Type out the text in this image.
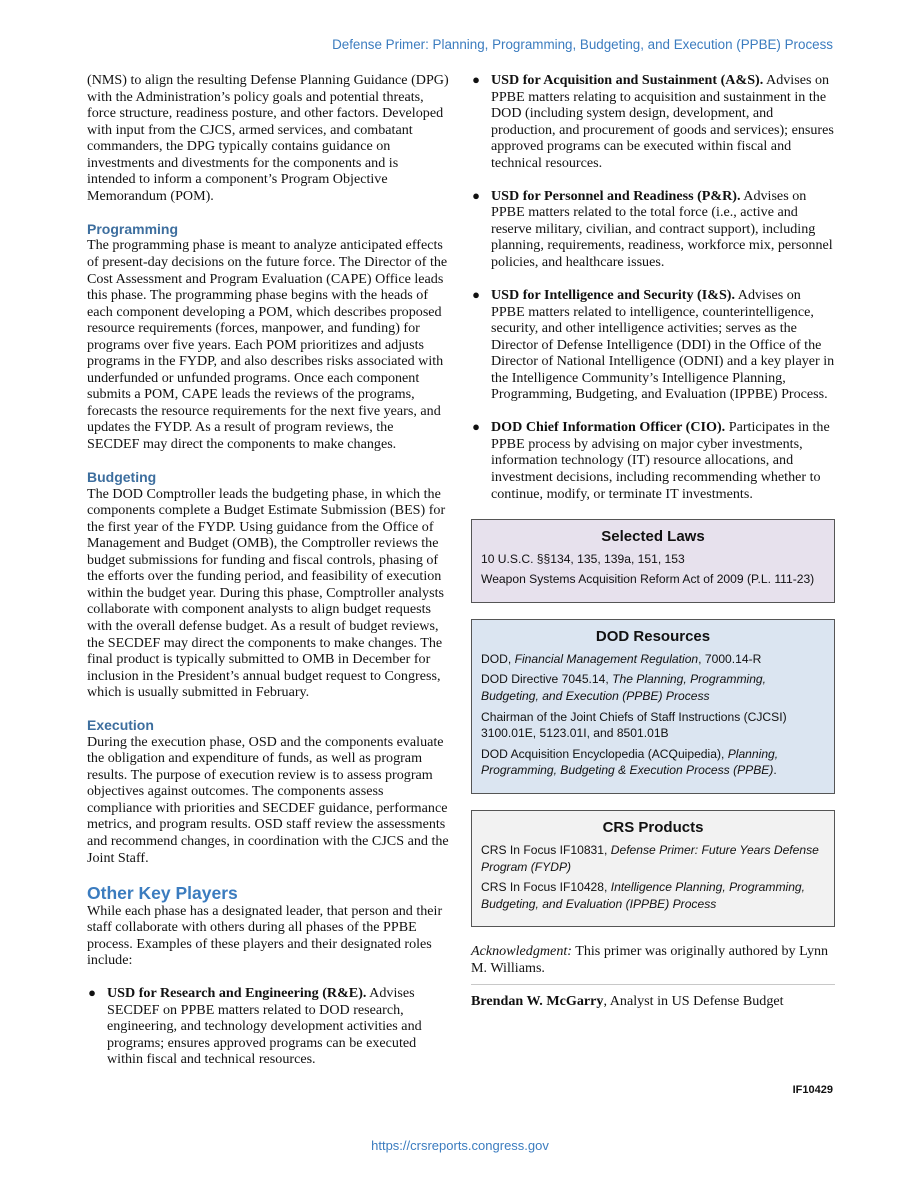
Defense Primer: Planning, Programming, Budgeting, and Execution (PPBE) Process

(NMS) to align the resulting Defense Planning Guidance (DPG) with the Administration’s policy goals and potential threats, force structure, readiness posture, and other factors. Developed with input from the CJCS, armed services, and combatant commanders, the DPG typically contains guidance on investments and divestments for the components and is intended to inform a component’s Program Objective Memorandum (POM).

Programming

The programming phase is meant to analyze anticipated effects of present-day decisions on the future force. The Director of the Cost Assessment and Program Evaluation (CAPE) Office leads this phase. The programming phase begins with the heads of each component developing a POM, which describes proposed resource requirements (forces, manpower, and funding) for programs over five years. Each POM prioritizes and adjusts programs in the FYDP, and also describes risks associated with underfunded or unfunded programs. Once each component submits a POM, CAPE leads the reviews of the programs, forecasts the resource requirements for the next five years, and updates the FYDP. As a result of program reviews, the SECDEF may direct the components to make changes.

Budgeting

The DOD Comptroller leads the budgeting phase, in which the components complete a Budget Estimate Submission (BES) for the first year of the FYDP. Using guidance from the Office of Management and Budget (OMB), the Comptroller reviews the budget submissions for funding and fiscal controls, phasing of the efforts over the funding period, and feasibility of execution within the budget year. During this phase, Comptroller analysts collaborate with component analysts to align budget requests with the overall defense budget. As a result of budget reviews, the SECDEF may direct the components to make changes. The final product is typically submitted to OMB in December for inclusion in the President’s annual budget request to Congress, which is usually submitted in February.

Execution

During the execution phase, OSD and the components evaluate the obligation and expenditure of funds, as well as program results. The purpose of execution review is to assess program objectives against outcomes. The components assess compliance with priorities and SECDEF guidance, performance metrics, and program results. OSD staff review the assessments and recommend changes, in coordination with the CJCS and the Joint Staff.

Other Key Players

While each phase has a designated leader, that person and their staff collaborate with others during all phases of the PPBE process. Examples of these players and their designated roles include:

● USD for Research and Engineering (R&E). Advises SECDEF on PPBE matters related to DOD research, engineering, and technology development activities and programs; ensures approved programs can be executed within fiscal and technical resources.
● USD for Acquisition and Sustainment (A&S). Advises on PPBE matters relating to acquisition and sustainment in the DOD (including system design, development, and production, and procurement of goods and services); ensures approved programs can be executed within fiscal and technical resources.
● USD for Personnel and Readiness (P&R). Advises on PPBE matters related to the total force (i.e., active and reserve military, civilian, and contract support), including planning, requirements, readiness, workforce mix, personnel policies, and healthcare issues.
● USD for Intelligence and Security (I&S). Advises on PPBE matters related to intelligence, counterintelligence, security, and other intelligence activities; serves as the Director of Defense Intelligence (DDI) in the Office of the Director of National Intelligence (ODNI) and a key player in the Intelligence Community’s Intelligence Planning, Programming, Budgeting, and Evaluation (IPPBE) Process.
● DOD Chief Information Officer (CIO). Participates in the PPBE process by advising on major cyber investments, information technology (IT) resource allocations, and investment decisions, including recommending whether to continue, modify, or terminate IT investments.
Selected Laws

10 U.S.C. §§134, 135, 139a, 151, 153

Weapon Systems Acquisition Reform Act of 2009 (P.L. 111-23)

DOD Resources

DOD, Financial Management Regulation, 7000.14-R

DOD Directive 7045.14, The Planning, Programming, Budgeting, and Execution (PPBE) Process

Chairman of the Joint Chiefs of Staff Instructions (CJCSI) 3100.01E, 5123.01I, and 8501.01B

DOD Acquisition Encyclopedia (ACQuipedia), Planning, Programming, Budgeting & Execution Process (PPBE).

CRS Products

CRS In Focus IF10831, Defense Primer: Future Years Defense Program (FYDP)

CRS In Focus IF10428, Intelligence Planning, Programming, Budgeting, and Evaluation (IPPBE) Process

Acknowledgment: This primer was originally authored by Lynn M. Williams.

Brendan W. McGarry, Analyst in US Defense Budget

IF10429
https://crsreports.congress.gov
